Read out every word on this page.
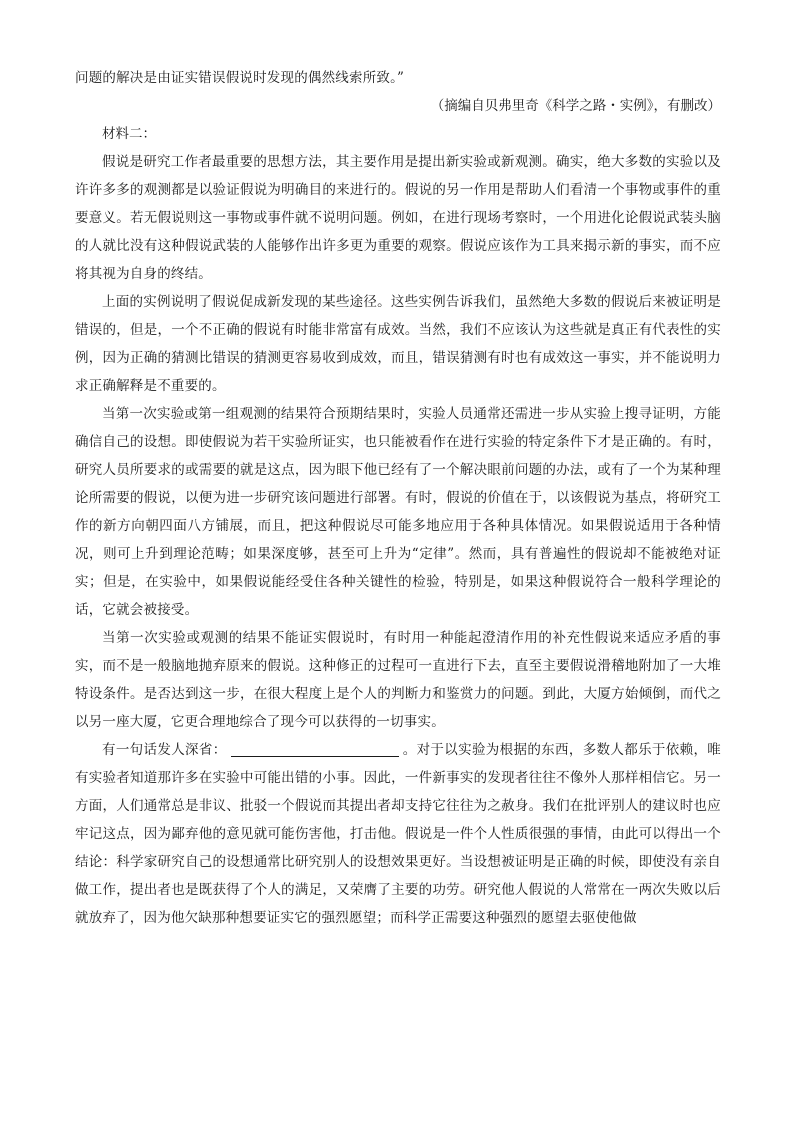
问题的解决是由证实错误假说时发现的偶然线索所致。”

（摘编自贝弗里奇《科学之路・实例》，有删改）

材料二：

假说是研究工作者最重要的思想方法，其主要作用是提出新实验或新观测。确实，绝大多数的实验以及许许多多的观测都是以验证假说为明确目的来进行的。假说的另一作用是帮助人们看清一个事物或事件的重要意义。若无假说则这一事物或事件就不说明问题。例如，在进行现场考察时，一个用进化论假说武装头脑的人就比没有这种假说武装的人能够作出许多更为重要的观察。假说应该作为工具来揭示新的事实，而不应将其视为自身的终结。

上面的实例说明了假说促成新发现的某些途径。这些实例告诉我们，虽然绝大多数的假说后来被证明是错误的，但是，一个不正确的假说有时能非常富有成效。当然，我们不应该认为这些就是真正有代表性的实例，因为正确的猜测比错误的猜测更容易收到成效，而且，错误猜测有时也有成效这一事实，并不能说明力求正确解释是不重要的。

当第一次实验或第一组观测的结果符合预期结果时，实验人员通常还需进一步从实验上搜寻证明，方能确信自己的设想。即使假说为若干实验所证实，也只能被看作在进行实验的特定条件下才是正确的。有时，研究人员所要求的或需要的就是这点，因为眼下他已经有了一个解决眼前问题的办法，或有了一个为某种理论所需要的假说，以便为进一步研究该问题进行部署。有时，假说的价值在于，以该假说为基点，将研究工作的新方向朝四面八方铺展，而且，把这种假说尽可能多地应用于各种具体情况。如果假说适用于各种情况，则可上升到理论范畴；如果深度够，甚至可上升为“定律”。然而，具有普遍性的假说却不能被绝对证实；但是，在实验中，如果假说能经受住各种关键性的检验，特别是，如果这种假说符合一般科学理论的话，它就会被接受。

当第一次实验或观测的结果不能证实假说时，有时用一种能起澄清作用的补充性假说来适应矛盾的事实，而不是一般脑地抛弃原来的假说。这种修正的过程可一直进行下去，直至主要假说滑稽地附加了一大堆特设条件。是否达到这一步，在很大程度上是个人的判断力和鉴赏力的问题。到此，大厦方始倾倒，而代之以另一座大厦，它更合理地综合了现今可以获得的一切事实。

有一句话发人深省：	。对于以实验为根据的东西，多数人都乐于依赖，唯有实验者知道那许多在实验中可能出错的小事。因此，一件新事实的发现者往往不像外人那样相信它。另一方面，人们通常总是非议、批驳一个假说而其提出者却支持它往往为之赦身。我们在批评别人的建议时也应牢记这点，因为鄙弃他的意见就可能伤害他，打击他。假说是一件个人性质很强的事情，由此可以得出一个结论：科学家研究自己的设想通常比研究别人的设想效果更好。当设想被证明是正确的时候，即使没有亲自做工作，提出者也是既获得了个人的满足，又荣膺了主要的功劳。研究他人假说的人常常在一两次失败以后就放弃了，因为他欠缺那种想要证实它的强烈愿望；而科学正需要这种强烈的愿望去驱使他做
